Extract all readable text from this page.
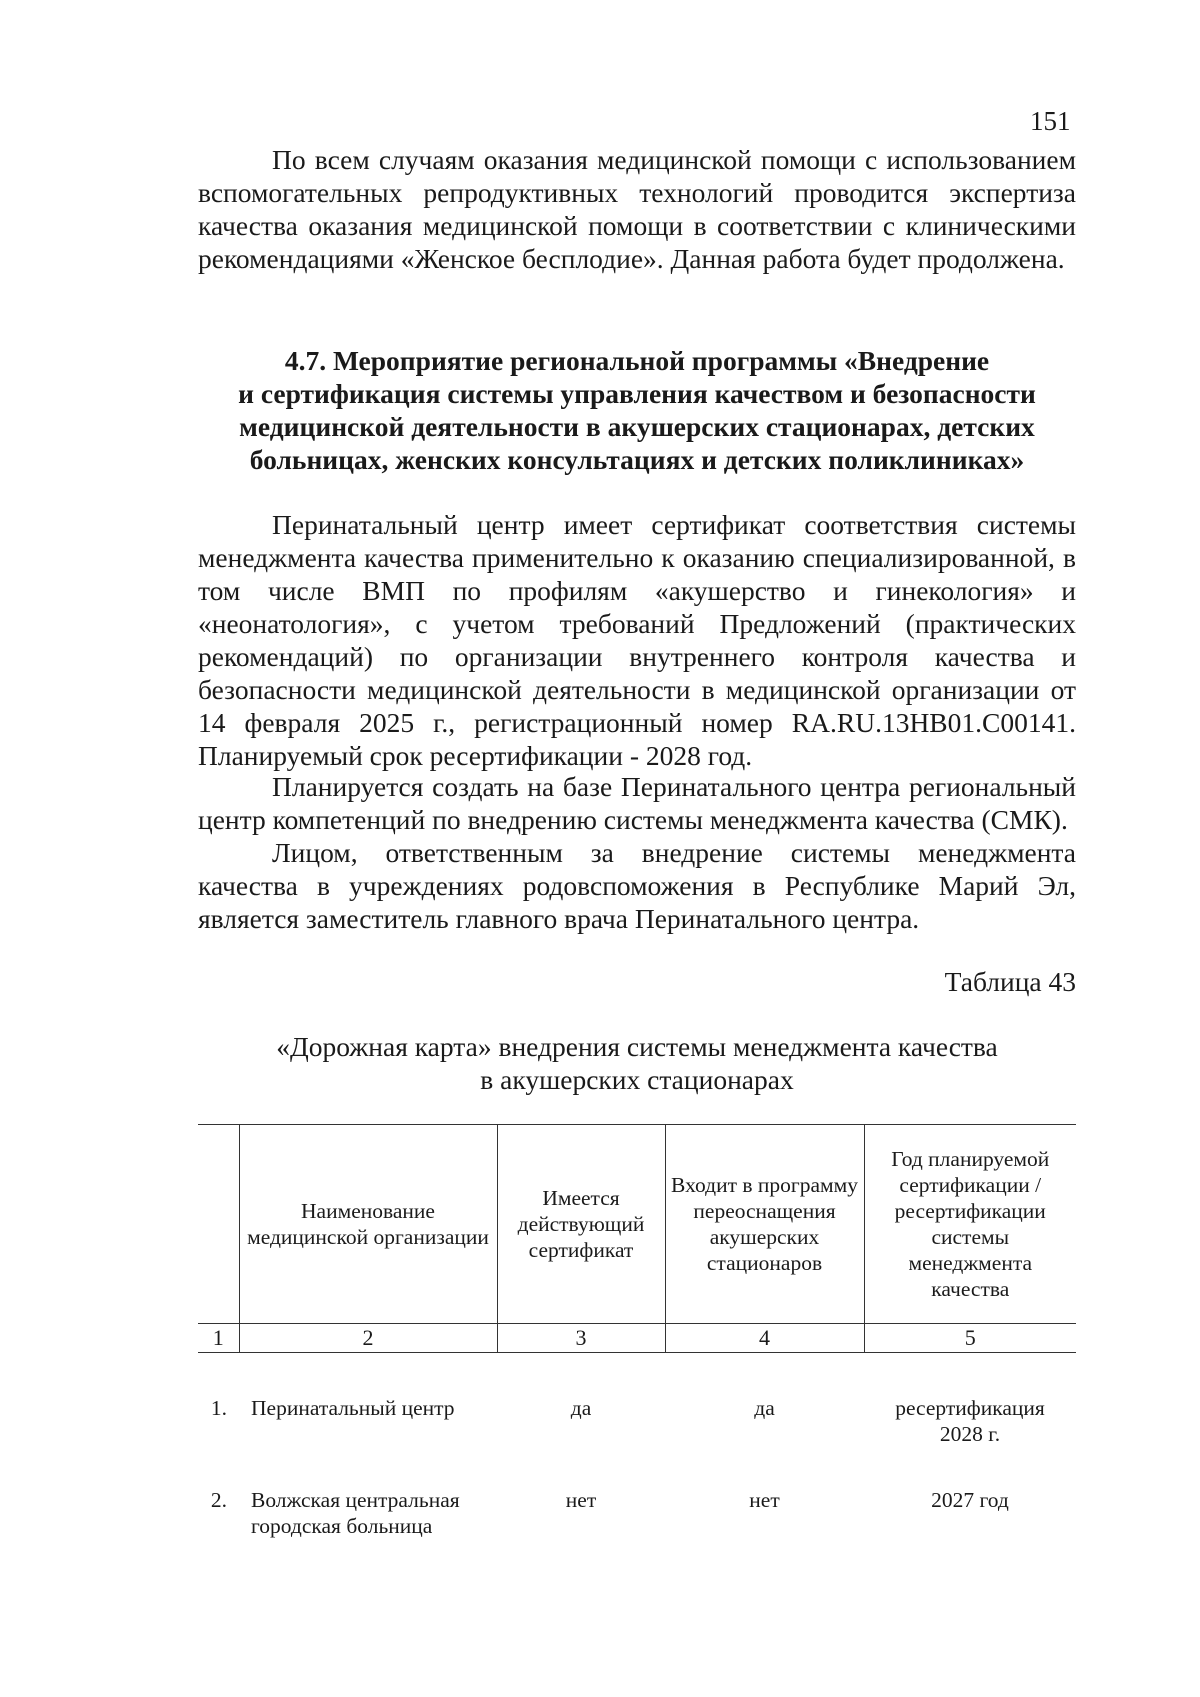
151

По всем случаям оказания медицинской помощи с использованием вспомогательных репродуктивных технологий проводится экспертиза качества оказания медицинской помощи в соответствии с клиническими рекомендациями «Женское бесплодие». Данная работа будет продолжена.

4.7. Мероприятие региональной программы «Внедрение
и сертификация системы управления качеством и безопасности
медицинской деятельности в акушерских стационарах, детских
больницах, женских консультациях и детских поликлиниках»

Перинатальный центр имеет сертификат соответствия системы менеджмента качества применительно к оказанию специализированной, в том числе ВМП по профилям «акушерство и гинекология» и «неонатология», с учетом требований Предложений (практических рекомендаций) по организации внутреннего контроля качества и безопасности медицинской деятельности в медицинской организации от 14 февраля 2025 г., регистрационный номер RA.RU.13HB01.C00141. Планируемый срок ресертификации - 2028 год.

Планируется создать на базе Перинатального центра региональный центр компетенций по внедрению системы менеджмента качества (СМК).

Лицом, ответственным за внедрение системы менеджмента качества в учреждениях родовспоможения в Республике Марий Эл, является заместитель главного врача Перинатального центра.

Таблица 43
«Дорожная карта» внедрения системы менеджмента качества
в акушерских стационарах
	Наименование медицинской организации	Имеется действующий сертификат	Входит в программу переоснащения акушерских стационаров	Год планируемой сертификации / ресертификации системы менеджмента качества
1	2	3	4	5

1.	Перинатальный центр	да	да	ресертификация
2028 г.

2.	Волжская центральная
городская больница	нет	нет	2027 год
